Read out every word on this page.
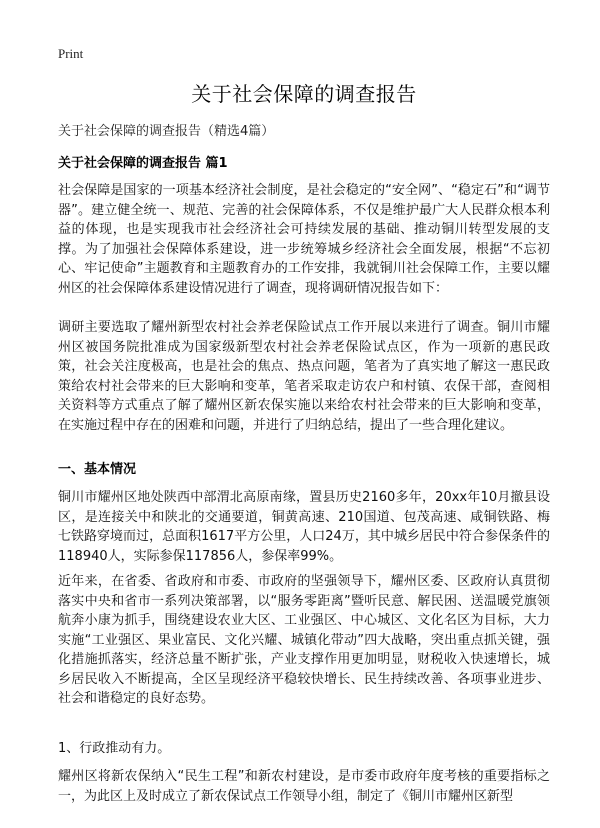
Print
关于社会保障的调查报告

关于社会保障的调查报告（精选4篇）

关于社会保障的调查报告 篇1

社会保障是国家的一项基本经济社会制度，是社会稳定的“安全网”、“稳定石”和“调节器”。建立健全统一、规范、完善的社会保障体系，不仅是维护最广大人民群众根本利益的体现，也是实现我市社会经济社会可持续发展的基础、推动铜川转型发展的支撑。为了加强社会保障体系建设，进一步统筹城乡经济社会全面发展，根据“不忘初心、牢记使命”主题教育和主题教育办的工作安排，我就铜川社会保障工作，主要以耀州区的社会保障体系建设情况进行了调查，现将调研情况报告如下：

调研主要选取了耀州新型农村社会养老保险试点工作开展以来进行了调查。铜川市耀州区被国务院批准成为国家级新型农村社会养老保险试点区，作为一项新的惠民政策，社会关注度极高，也是社会的焦点、热点问题，笔者为了真实地了解这一惠民政策给农村社会带来的巨大影响和变革，笔者采取走访农户和村镇、农保干部，查阅相关资料等方式重点了解了耀州区新农保实施以来给农村社会带来的巨大影响和变革，在实施过程中存在的困难和问题，并进行了归纳总结，提出了一些合理化建议。

一、基本情况

铜川市耀州区地处陕西中部渭北高原南缘，置县历史2160多年，20xx年10月撤县设区，是连接关中和陕北的交通要道，铜黄高速、210国道、包茂高速、咸铜铁路、梅七铁路穿境而过，总面积1617平方公里，人口24万，其中城乡居民中符合参保条件的118940人，实际参保117856人，参保率99%。

近年来，在省委、省政府和市委、市政府的坚强领导下，耀州区委、区政府认真贯彻落实中央和省市一系列决策部署，以“服务零距离”暨听民意、解民困、送温暖党旗领航奔小康为抓手，围绕建设农业大区、工业强区、中心城区、文化名区为目标，大力实施“工业强区、果业富民、文化兴耀、城镇化带动”四大战略，突出重点抓关键，强化措施抓落实，经济总量不断扩张，产业支撑作用更加明显，财税收入快速增长，城乡居民收入不断提高，全区呈现经济平稳较快增长、民生持续改善、各项事业进步、社会和谐稳定的良好态势。

1、行政推动有力。

耀州区将新农保纳入“民生工程”和新农村建设，是市委市政府年度考核的重要指标之一，为此区上及时成立了新农保试点工作领导小组，制定了《铜川市耀州区新型
